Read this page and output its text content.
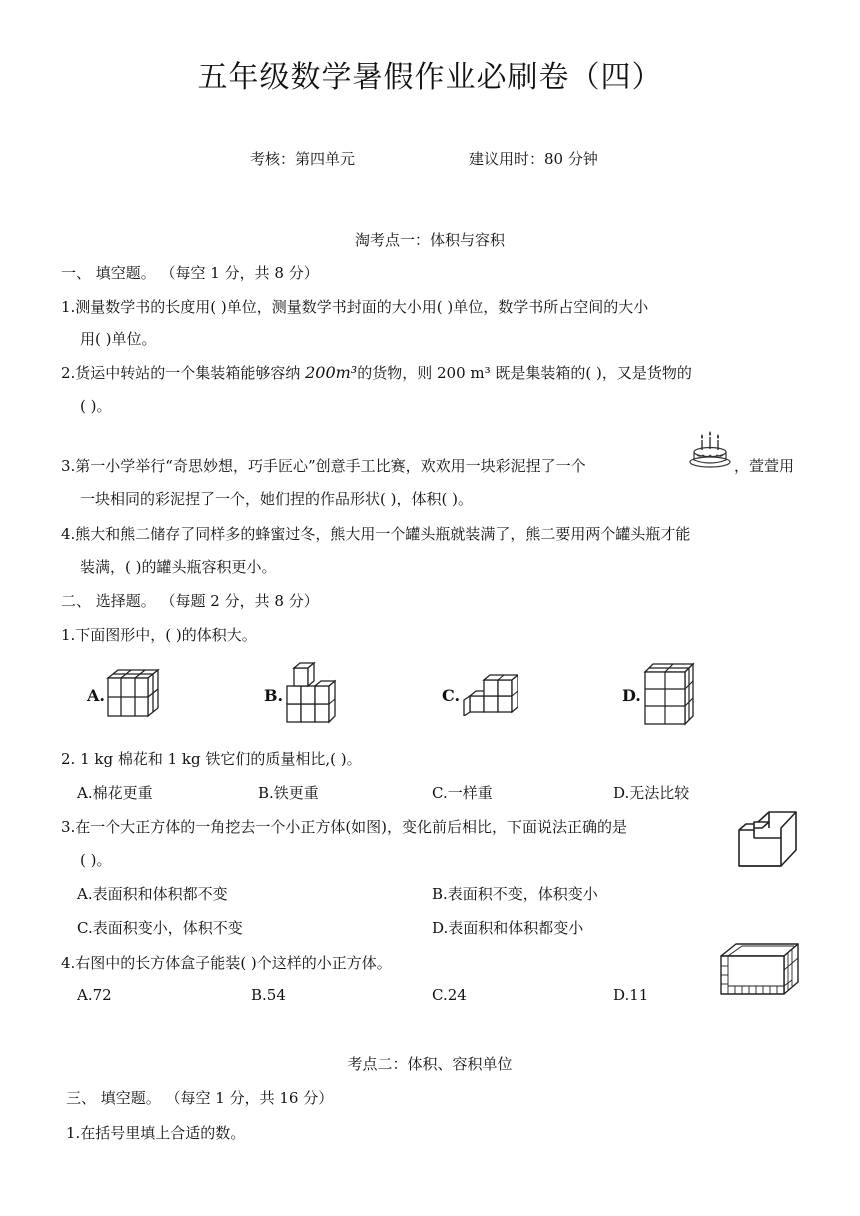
五年级数学暑假作业必刷卷（四）
考核：第四单元	建议用时：80 分钟
淘考点一：体积与容积
一、 填空题。 （每空 1 分，共 8 分）
1.测量数学书的长度用( )单位，测量数学书封面的大小用( )单位，数学书所占空间的大小
用( )单位。
2.货运中转站的一个集装箱能够容纳 200m³的货物，则 200 m³ 既是集装箱的( )，又是货物的
( )。
3.第一小学举行“奇思妙想，巧手匠心”创意手工比赛，欢欢用一块彩泥捏了一个	，萱萱用
一块相同的彩泥捏了一个，她们捏的作品形状( )，体积( )。
4.熊大和熊二储存了同样多的蜂蜜过冬，熊大用一个罐头瓶就装满了，熊二要用两个罐头瓶才能
装满，( )的罐头瓶容积更小。
二、 选择题。 （每题 2 分，共 8 分）
1.下面图形中，( )的体积大。
A.	B.	C.	D.
2. 1 kg 棉花和 1 kg 铁它们的质量相比,( )。
A.棉花更重	B.铁更重	C.一样重	D.无法比较
3.在一个大正方体的一角挖去一个小正方体(如图)，变化前后相比，下面说法正确的是
( )。
A.表面积和体积都不变	B.表面积不变，体积变小
C.表面积变小，体积不变	D.表面积和体积都变小
4.右图中的长方体盒子能装( )个这样的小正方体。
A.72	B.54	C.24	D.11
考点二：体积、容积单位
三、 填空题。 （每空 1 分，共 16 分）
1.在括号里填上合适的数。
